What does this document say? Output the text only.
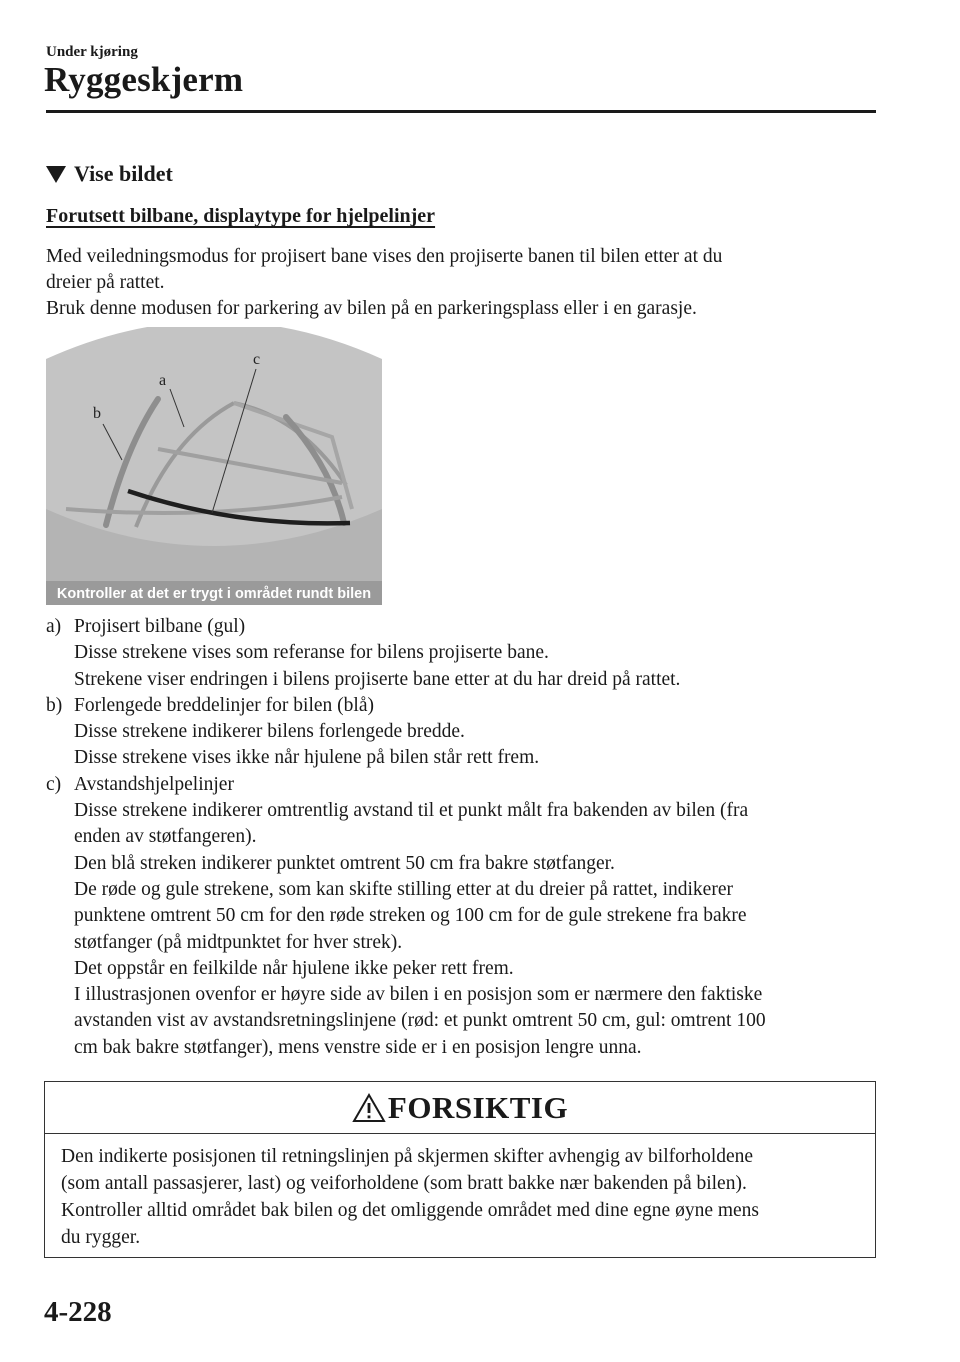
Under kjøring
Ryggeskjerm
Vise bildet
Forutsett bilbane, displaytype for hjelpelinjer
Med veiledningsmodus for projisert bane vises den projiserte banen til bilen etter at du
dreier på rattet.
Bruk denne modusen for parkering av bilen på en parkeringsplass eller i en garasje.
a
b
c
Kontroller at det er trygt i området rundt bilen
a) Projisert bilbane (gul)
Disse strekene vises som referanse for bilens projiserte bane.
Strekene viser endringen i bilens projiserte bane etter at du har dreid på rattet.
b) Forlengede breddelinjer for bilen (blå)
Disse strekene indikerer bilens forlengede bredde.
Disse strekene vises ikke når hjulene på bilen står rett frem.
c) Avstandshjelpelinjer
Disse strekene indikerer omtrentlig avstand til et punkt målt fra bakenden av bilen (fra
enden av støtfangeren).
Den blå streken indikerer punktet omtrent 50 cm fra bakre støtfanger.
De røde og gule strekene, som kan skifte stilling etter at du dreier på rattet, indikerer
punktene omtrent 50 cm for den røde streken og 100 cm for de gule strekene fra bakre
støtfanger (på midtpunktet for hver strek).
Det oppstår en feilkilde når hjulene ikke peker rett frem.
I illustrasjonen ovenfor er høyre side av bilen i en posisjon som er nærmere den faktiske
avstanden vist av avstandsretningslinjene (rød: et punkt omtrent 50 cm, gul: omtrent 100
cm bak bakre støtfanger), mens venstre side er i en posisjon lengre unna.
FORSIKTIG
Den indikerte posisjonen til retningslinjen på skjermen skifter avhengig av bilforholdene
(som antall passasjerer, last) og veiforholdene (som bratt bakke nær bakenden på bilen).
Kontroller alltid området bak bilen og det omliggende området med dine egne øyne mens
du rygger.
4-228
